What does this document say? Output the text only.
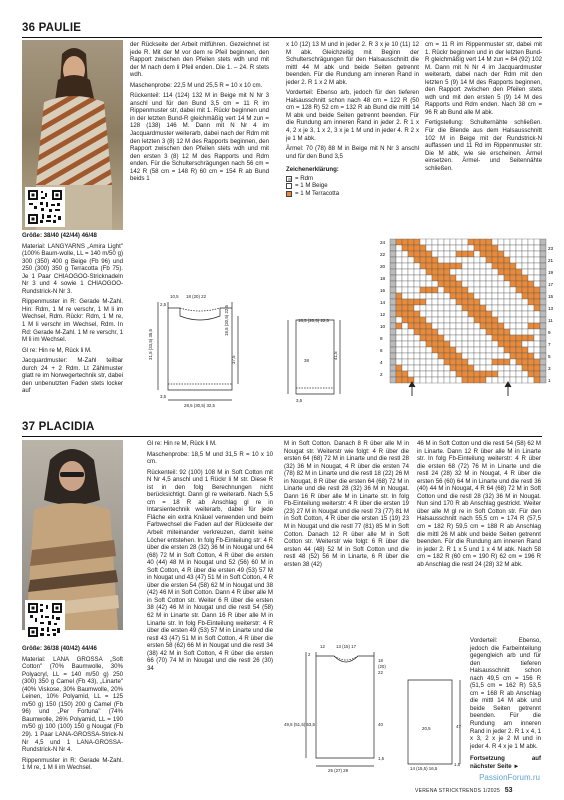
36 PAULIE

Größe: 38/40 (42/44) 46/48

Material: LANGYARNS „Amira Light" (100% Baum-wolle, LL = 140 m/50 g) 300 (350) 400 g Beige (Fb 96) und 250 (300) 350 g Terracotta (Fb 75). Je 1 Paar CHIAOGOO-Stricknadeln Nr 3 und 4 sowie 1 CHIAOGOO-Rundstrick-N Nr 3.

Rippenmuster in R: Gerade M-Zahl. Hin: Rdm, 1 M re verschr, 1 M li im Wechsel, Rdm. Rückr: Rdm, 1 M re, 1 M li verschr im Wechsel, Rdm. In Rd: Gerade M-Zahl. 1 M re verschr, 1 M li im Wechsel.

Gl re: Hin re M, Rück li M.

Jacquardmuster: M-Zahl teilbar durch 24 + 2 Rdm. Lt Zählmuster glatt re im Norwegertechnik str, dabei den unbenutzten Faden stets locker auf

der Rückseite der Arbeit mitführen. Gezeichnet ist jede R. Mit der M vor dem re Pfeil beginnen, den Rapport zwischen den Pfeilen stets wdh und mit der M nach dem li Pfeil enden. Die 1. – 24. R stets wdh.

Maschenprobe: 22,5 M und 25,5 R = 10 x 10 cm.

Rückenteil: 114 (124) 132 M in Beige mit N Nr 3 anschl und für den Bund 3,5 cm = 11 R im Rippenmuster str, dabei mit 1. Rückr beginnen und in der letzten Bund-R gleichmäßig vert 14 M zun = 128 (138) 146 M. Dann mit N Nr 4 im Jacquardmuster weiterarb, dabei nach der Rdm mit den letzten 3 (8) 12 M des Rapports beginnen, den Rapport zwischen den Pfeilen stets wdh und mit den ersten 3 (8) 12 M des Rapports und Rdm enden. Für die Schulterschrägungen nach 56 cm = 142 R (58 cm = 148 R) 60 cm = 154 R ab Bund beids 1

x 10 (12) 13 M und in jeder 2. R 3 x je 10 (11) 12 M abk. Gleichzeitig mit Beginn der Schulterschrägungen für den Halsausschnitt die mittl 44 M abk und beide Seiten getrennt beenden. Für die Rundung am inneren Rand in jeder 2. R 1 x 2 M abk.

Vorderteil: Ebenso arb, jedoch für den tieferen Halsausschnitt schon nach 48 cm = 122 R (50 cm = 128 R) 52 cm = 132 R ab Bund die mittl 14 M abk und beide Seiten getrennt beenden. Für die Rundung am inneren Rand in jeder 2. R 1 x 4, 2 x je 3, 1 x 2, 3 x je 1 M und in jeder 4. R 2 x je 1 M abk.

Ärmel: 70 (78) 88 M in Beige mit N Nr 3 anschl und für den Bund 3,5

Zeichenerklärung:

= Rdm
= 1 M Beige
= 1 M Terracotta

cm = 11 R im Rippenmuster str, dabei mit 1. Rückr beginnen und in der letzten Bund-R gleichmäßig vert 14 M zun = 84 (92) 102 M. Dann mit N Nr 4 im Jacquardmuster weiterarb, dabei nach der Rdm mit den letzten 5 (9) 14 M des Rapports beginnen, den Rapport zwischen den Pfeilen stets wdh und mit den ersten 5 (9) 14 M des Rapports und Rdm enden. Nach 38 cm = 96 R ab Bund alle M abk.

Fertigstellung: Schulternähte schließen. Für die Blende aus dem Halsausschnitt 102 M in Beige mit der Rundstrick-N auffassen und 11 Rd im Rippenmuster str. Die M abk, wie sie erscheinen. Ärmel einsetzen. Ärmel- und Seitennähte schließen.

10,5 18 (20) 22
2,5
18,5 (20,5) 22,5
31,5 (33,5) 35,5	37,5
28,5 (30,5) 32,5
3,5
18,5 (20,5) 22,5
38
41,5
3,5
24
22
20
18
16
14
12
10
8
6
4
2
23
21
19
17
15
13
11
9
7
5
3
1
37 PLACIDIA

Größe: 36/38 (40/42) 44/46

Material: LANA GROSSA „Soft Cotton" (70% Baumwolle, 30% Polyacryl, LL = 140 m/50 g) 250 (300) 350 g Camel (Fb 43), „Linarte" (40% Viskose, 30% Baumwolle, 20% Leinen, 10% Polyamid, LL = 125 m/50 g) 150 (150) 200 g Camel (Fb 96) und „Per Fortuna" (74% Baumwolle, 26% Polyamid, LL = 190 m/50 g) 100 (100) 150 g Nougat (Fb 29). 1 Paar LANA-GROSSA-Strick-N Nr 4,5 und 1 LANA-GROSSA-Rundstrick-N Nr 4.

Rippenmuster in R: Gerade M-Zahl. 1 M re, 1 M li im Wechsel.

Gl re: Hin re M, Rück li M.

Maschenprobe: 18,5 M und 31,5 R = 10 x 10 cm.

Rückenteil: 92 (100) 108 M in Soft Cotton mit N Nr 4,5 anschl und 1 Rückr li M str. Diese R ist in den folg Berechnungen nicht berücksichtigt. Dann gl re weiterarb. Nach 5,5 cm = 18 R ab Anschlag gl re in Intarsientechnik weiterarb, dabei für jede Fläche ein extra Knäuel verwenden und beim Farbwechsel die Faden auf der Rückseite der Arbeit miteinander verkreuzen, damit keine Löcher entstehen. In folg Fb-Einteilung str: 4 R über die ersten 28 (32) 36 M in Nougat und 64 (68) 72 M in Soft Cotton, 4 R über die ersten 40 (44) 48 M in Nougat und 52 (56) 60 M in Soft Cotton, 4 R über die ersten 49 (53) 57 M in Nougat und 43 (47) 51 M in Soft Cotton, 4 R über die ersten 54 (58) 62 M in Nougat und 38 (42) 46 M in Soft Cotton. Dann 4 R über alle M in Soft Cotton str. Weiter 6 R über die ersten 38 (42) 46 M in Nougat und die restl 54 (58) 62 M in Linarte str. Dann 16 R über alle M in Linarte str. In folg Fb-Einteilung weiterstr: 4 R über die ersten 49 (53) 57 M in Linarte und die restl 43 (47) 51 M in Soft Cotton, 4 R über die ersten 58 (62) 66 M in Nougat und die restl 34 (38) 42 M in Soft Cotton, 4 R über die ersten 66 (70) 74 M in Nougat und die restl 26 (30) 34

M in Soft Cotton. Danach 8 R über alle M in Nougat str. Weiterstr wie folgt: 4 R über die ersten 64 (68) 72 M in Linarte und die restl 28 (32) 36 M in Nougat, 4 R über die ersten 74 (78) 82 M in Linarte und die restl 18 (22) 26 M in Nougat, 8 R über die ersten 64 (68) 72 M in Linarte und die restl 28 (32) 36 M in Nougat. Dann 16 R über alle M in Linarte str. In folg Fb-Einteilung weiterstr: 4 R über die ersten 19 (23) 27 M in Nougat und die restl 73 (77) 81 M in Soft Cotton, 4 R über die ersten 15 (19) 23 M in Nougat und die restl 77 (81) 85 M in Soft Cotton. Danach 12 R über alle M in Soft Cotton str. Weiterstr wie folgt: 6 R über die ersten 44 (48) 52 M in Soft Cotton und die restl 48 (52) 56 M in Linarte, 6 R über die ersten 38 (42)

46 M in Soft Cotton und die restl 54 (58) 62 M in Linarte. Dann 12 R über alle M in Linarte str. In folg Fb-Einteilung weiterstr: 4 R über die ersten 68 (72) 76 M in Linarte und die restl 24 (28) 32 M in Nougat, 4 R über die ersten 56 (60) 64 M in Linarte und die restl 36 (40) 44 M in Nougat, 4 R 64 (68) 72 M in Soft Cotton und die restl 28 (32) 36 M in Nougat. Nun sind 170 R ab Anschlag gestrickt. Weiter über alle M gl re in Soft Cotton str. Für den Halsausschnitt nach 55,5 cm = 174 R (57,5 cm = 182 R) 59,5 cm = 188 R ab Anschlag die mittl 26 M abk und beide Seiten getrennt beenden. Für die Rundung am inneren Rand in jeder 2. R 1 x 5 und 1 x 4 M abk. Nach 58 cm = 182 R (60 cm = 190 R) 62 cm = 196 R ab Anschlag die restl 24 (28) 32 M abk.

Vorderteil: Ebenso, jedoch die Farbeinteilung gegengleich arb und für den tieferen Halsausschnitt schon nach 49,5 cm = 156 R (51,5 cm = 162 R) 53,5 cm = 168 R ab Anschlag die mittl 14 M abk und beide Seiten getrennt beenden. Für die Rundung am inneren Rand in jeder 2. R 1 x 4, 1 x 3, 2 x je 2 M und in jeder 4. R 4 x je 1 M abk.

Fortsetzung auf nächster Seite ►

12	13 (15) 17
18
(20)
22
2
47
40
20,5
49,5 (51,5) 53,5
25 (27) 29
1,5
14 (15,5) 16,5
1,5
VERENA STRICKTRENDS 1/2025 53
PassionForum.ru
